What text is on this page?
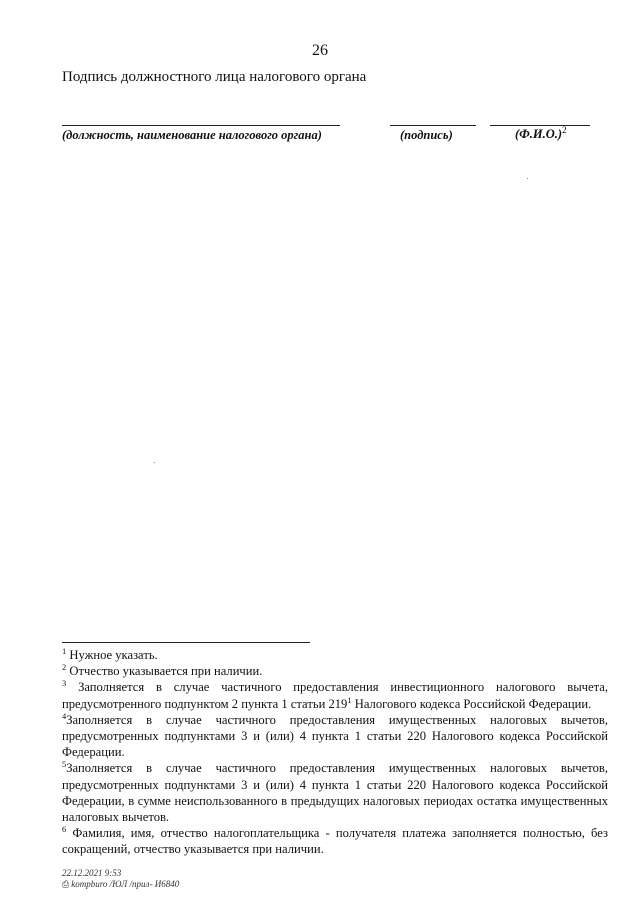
26
Подпись должностного лица налогового органа
(должность, наименование налогового органа)	(подпись)	$(Ф.И.О.)^2$

$^1$ Нужное указать.

$^2$ Отчество указывается при наличии.

$^3$ Заполняется в случае частичного предоставления инвестиционного налогового вычета, предусмотренного подпунктом 2 пункта 1 статьи $219^1$ Налогового кодекса Российской Федерации.

$^4$Заполняется в случае частичного предоставления имущественных налоговых вычетов, предусмотренных подпунктами 3 и (или) 4 пункта 1 статьи 220 Налогового кодекса Российской Федерации.

$^5$Заполняется в случае частичного предоставления имущественных налоговых вычетов, предусмотренных подпунктами 3 и (или) 4 пункта 1 статьи 220 Налогового кодекса Российской Федерации, в сумме неиспользованного в предыдущих налоговых периодах остатка имущественных налоговых вычетов.

$^6$ Фамилия, имя, отчество налогоплательщика - получателя платежа заполняется полностью, без сокращений, отчество указывается при наличии.

22.12.2021 9:53
⎙ kompburo /ЮЛ /прил- И6840
